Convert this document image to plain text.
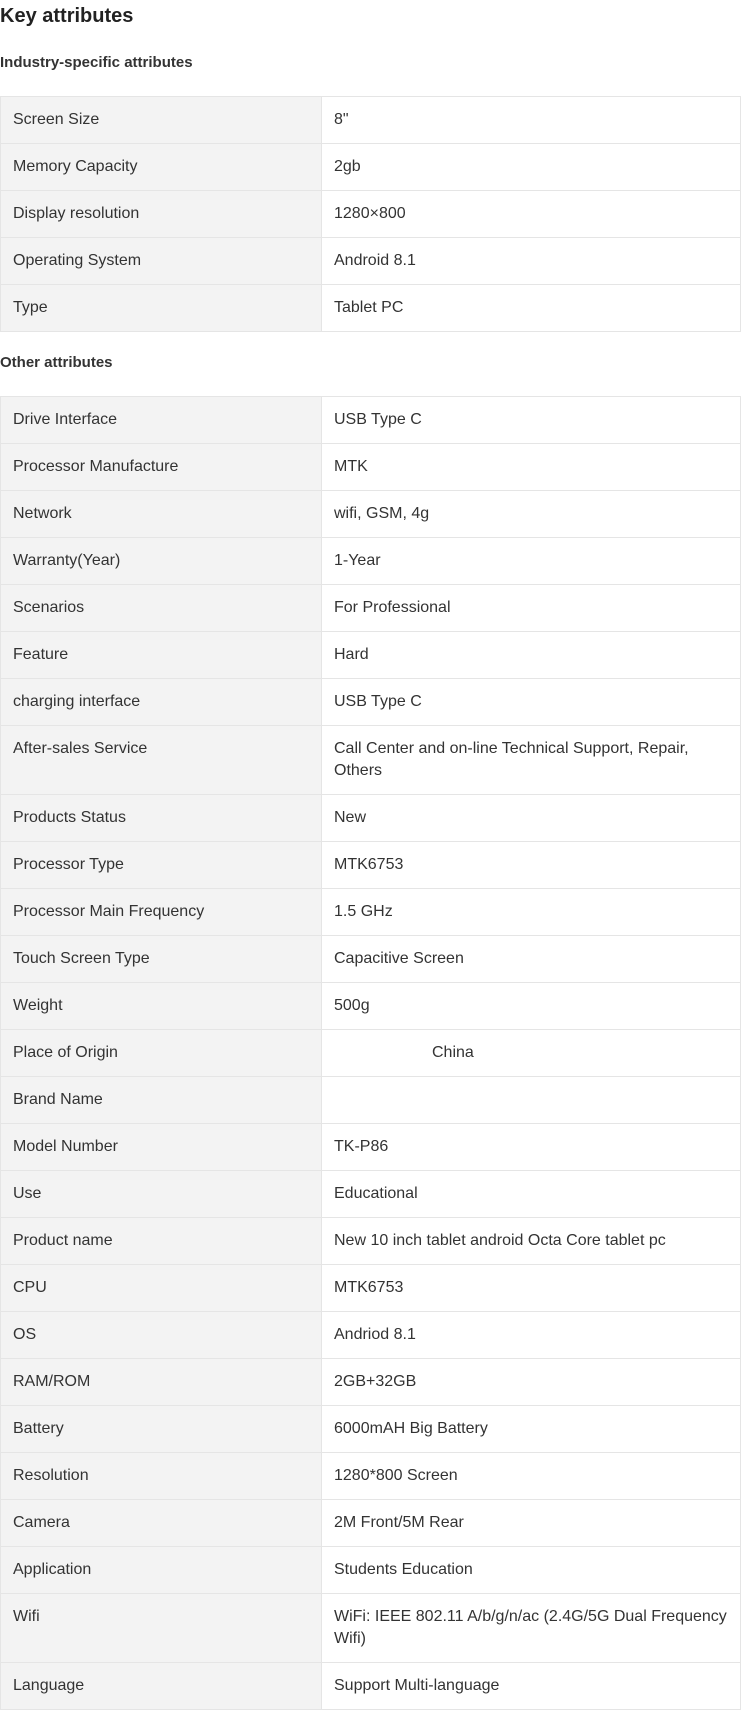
Key attributes
Industry-specific attributes
Screen Size	8"
Memory Capacity	2gb
Display resolution	1280×800
Operating System	Android 8.1
Type	Tablet PC
Other attributes
Drive Interface	USB Type C
Processor Manufacture	MTK
Network	wifi, GSM, 4g
Warranty(Year)	1-Year
Scenarios	For Professional
Feature	Hard
charging interface	USB Type C
After-sales Service	Call Center and on-line Technical Support, Repair, Others
Products Status	New
Processor Type	MTK6753
Processor Main Frequency	1.5 GHz
Touch Screen Type	Capacitive Screen
Weight	500g
Place of Origin	China
Brand Name	
Model Number	TK-P86
Use	Educational
Product name	New 10 inch tablet android Octa Core tablet pc
CPU	MTK6753
OS	Andriod 8.1
RAM/ROM	2GB+32GB
Battery	6000mAH Big Battery
Resolution	1280*800 Screen
Camera	2M Front/5M Rear
Application	Students Education
Wifi	WiFi: IEEE 802.11 A/b/g/n/ac (2.4G/5G Dual Frequency Wifi)
Language	Support Multi-language
